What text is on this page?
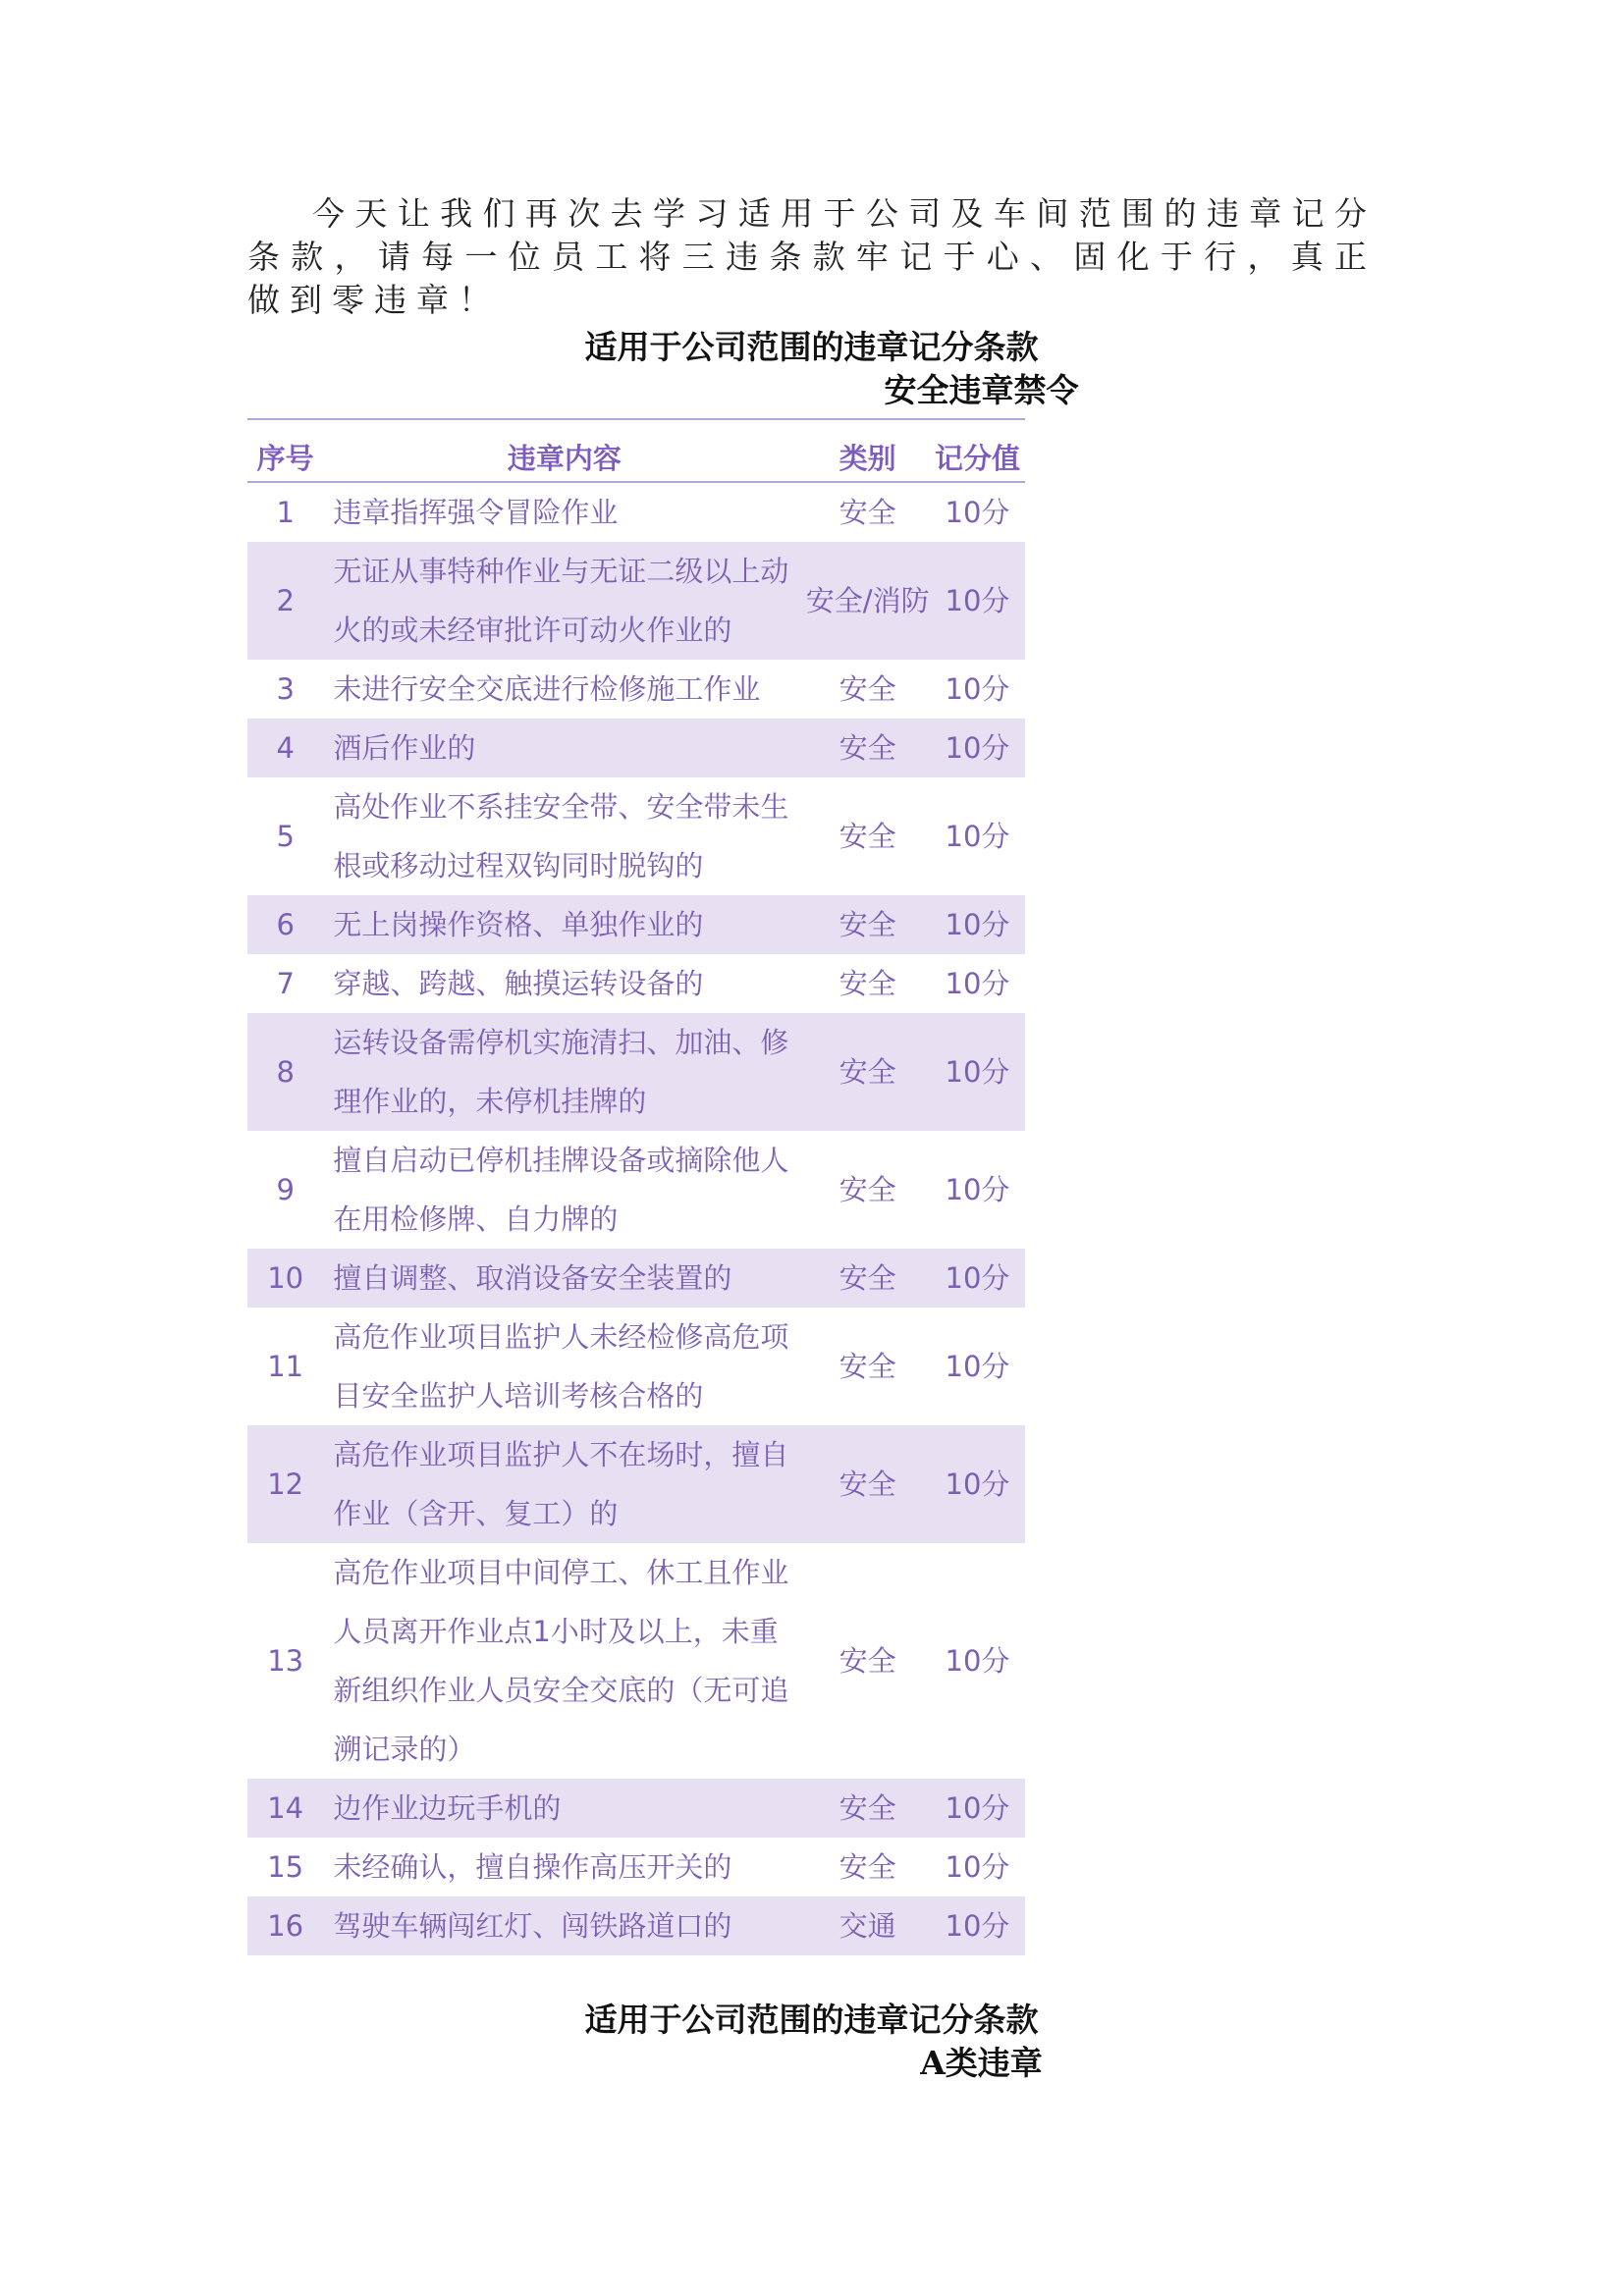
今天让我们再次去学习适用于公司及车间范围的违章记分条款，请每一位员工将三违条款牢记于心、固化于行，真正做到零违章！
适用于公司范围的违章记分条款
安全违章禁令
序号	违章内容	类别	记分值
1	违章指挥强令冒险作业	安全	10分
2	无证从事特种作业与无证二级以上动火的或未经审批许可动火作业的	安全/消防	10分
3	未进行安全交底进行检修施工作业	安全	10分
4	酒后作业的	安全	10分
5	高处作业不系挂安全带、安全带未生根或移动过程双钩同时脱钩的	安全	10分
6	无上岗操作资格、单独作业的	安全	10分
7	穿越、跨越、触摸运转设备的	安全	10分
8	运转设备需停机实施清扫、加油、修理作业的，未停机挂牌的	安全	10分
9	擅自启动已停机挂牌设备或摘除他人在用检修牌、自力牌的	安全	10分
10	擅自调整、取消设备安全装置的	安全	10分
11	高危作业项目监护人未经检修高危项目安全监护人培训考核合格的	安全	10分
12	高危作业项目监护人不在场时，擅自作业（含开、复工）的	安全	10分
13	高危作业项目中间停工、休工且作业人员离开作业点1小时及以上，未重新组织作业人员安全交底的（无可追溯记录的）	安全	10分
14	边作业边玩手机的	安全	10分
15	未经确认，擅自操作高压开关的	安全	10分
16	驾驶车辆闯红灯、闯铁路道口的	交通	10分
适用于公司范围的违章记分条款
A类违章
